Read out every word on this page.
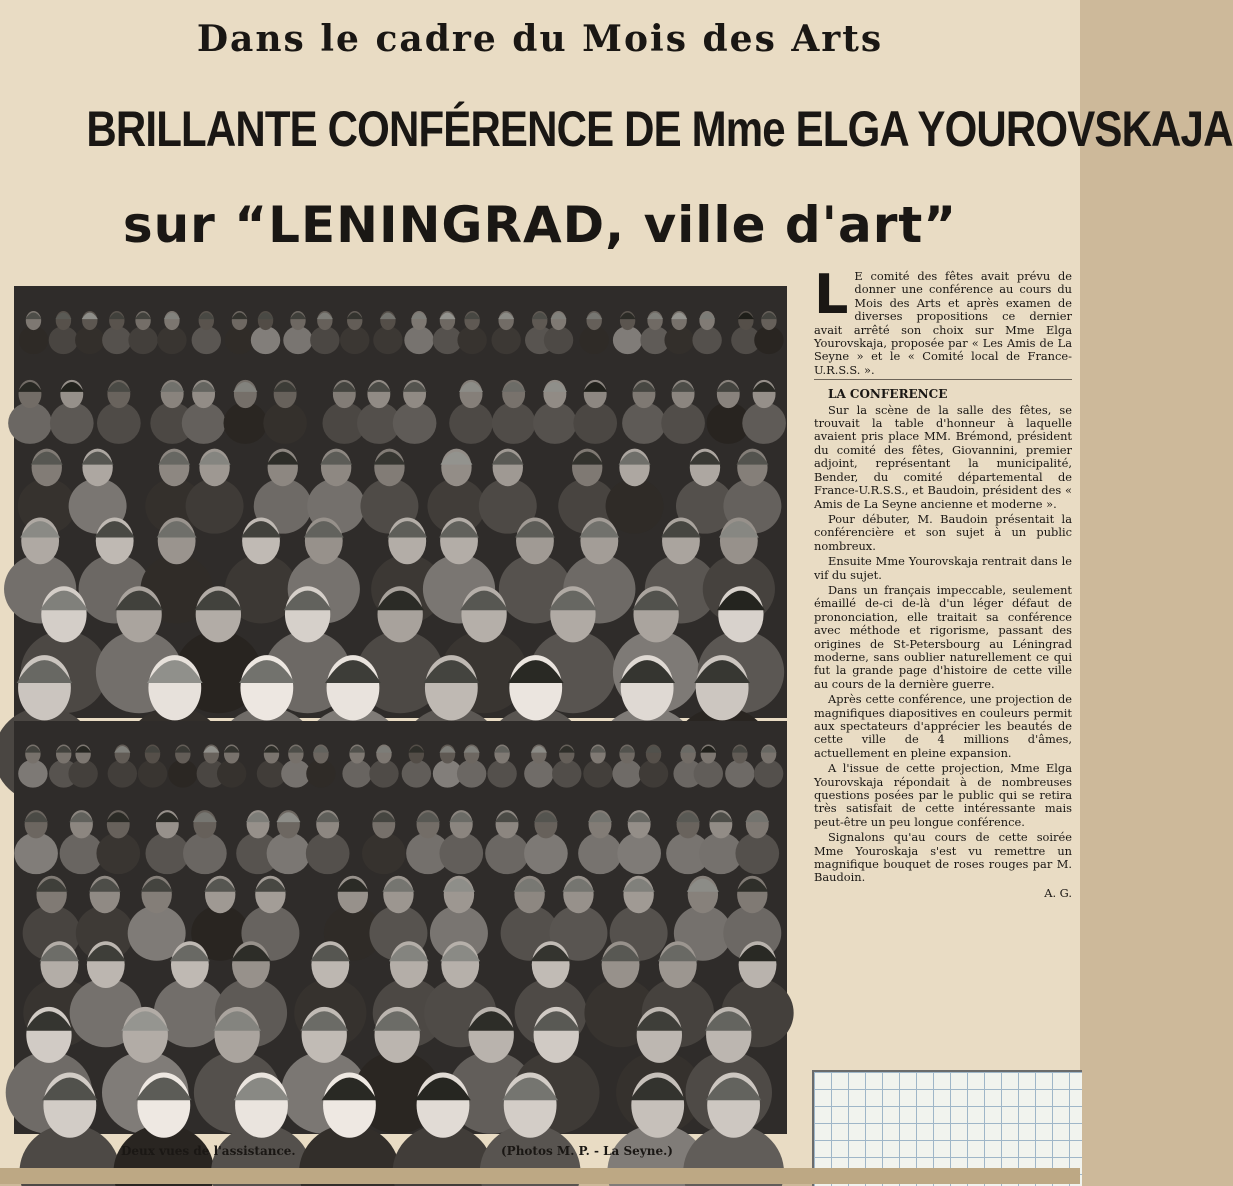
Dans le cadre du Mois des Arts
BRILLANTE CONFÉRENCE DE Mme ELGA YOUROVSKAJA
sur “LENINGRAD, ville d'art”

Deux vues de l'assistance.	(Photos M. P. - La Seyne.)

L E comité des fêtes avait prévu de donner une conférence au cours du Mois des Arts et après examen de diverses propositions ce dernier avait arrêté son choix sur Mme Elga Yourovskaja, proposée par « Les Amis de La Seyne » et le « Comité local de France-U.R.S.S. ».

LA CONFERENCE

Sur la scène de la salle des fêtes, se trouvait la table d'honneur à laquelle avaient pris place MM. Brémond, président du comité des fêtes, Giovannini, premier adjoint, représentant la municipalité, Bender, du comité départemental de France-U.R.S.S., et Baudoin, président des « Amis de La Seyne ancienne et moderne ».

Pour débuter, M. Baudoin présentait la conférencière et son sujet à un public nombreux.

Ensuite Mme Yourovskaja rentrait dans le vif du sujet.

Dans un français impeccable, seulement émaillé de-ci de-là d'un léger défaut de prononciation, elle traitait sa conférence avec méthode et rigorisme, passant des origines de St-Petersbourg au Léningrad moderne, sans oublier naturellement ce qui fut la grande page d'histoire de cette ville au cours de la dernière guerre.

Après cette conférence, une projection de magnifiques diapositives en couleurs permit aux spectateurs d'apprécier les beautés de cette ville de 4 millions d'âmes, actuellement en pleine expansion.

A l'issue de cette projection, Mme Elga Yourovskaja répondait à de nombreuses questions posées par le public qui se retira très satisfait de cette intéressante mais peut-être un peu longue conférence.

Signalons qu'au cours de cette soirée Mme Youroskaja s'est vu remettre un magnifique bouquet de roses rouges par M. Baudoin.

A. G.
